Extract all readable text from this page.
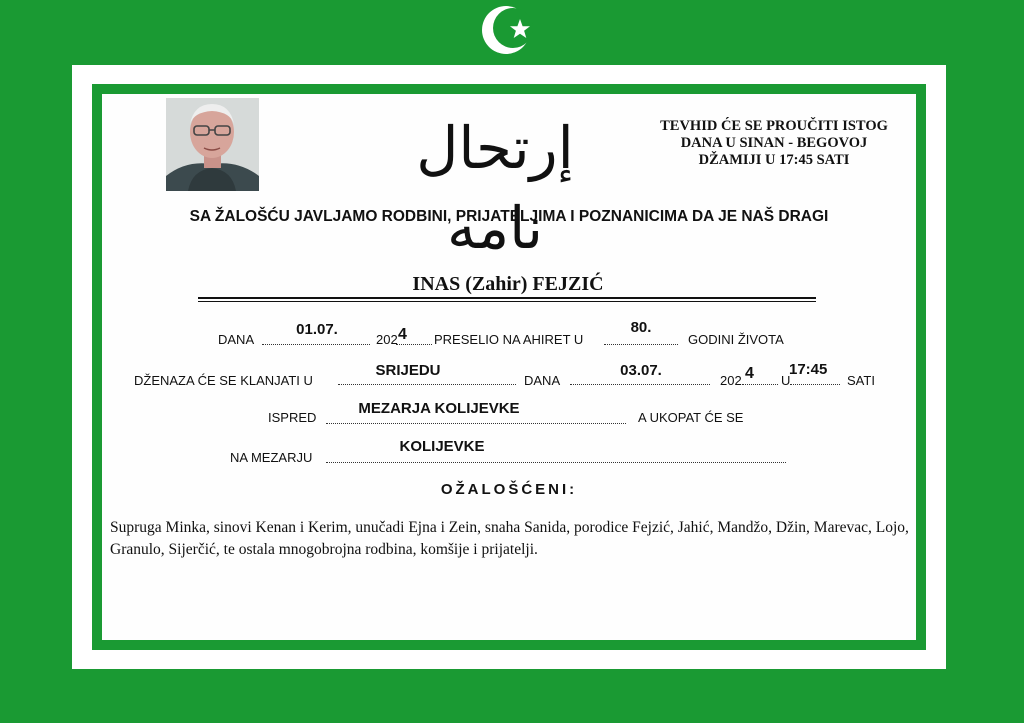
إرتحال نامه
TEVHID ĆE SE PROUČITI ISTOG
DANA U SINAN - BEGOVOJ
DŽAMIJI U 17:45 SATI
SA ŽALOŠĆU JAVLJAMO RODBINI, PRIJATELJIMA I POZNANICIMA DA JE NAŠ DRAGI
INAS (Zahir) FEJZIĆ
DANA
01.07.
202 4 PRESELIO NA AHIRET U
80.
GODINI ŽIVOTA
DŽENAZA ĆE SE KLANJATI U
SRIJEDU
DANA
03.07.
202 4 U
17:45
SATI
ISPRED
MEZARJA KOLIJEVKE
A UKOPAT ĆE SE
NA MEZARJU
KOLIJEVKE
OŽALOŠĆENI:
Supruga Minka, sinovi Kenan i Kerim, unučadi Ejna i Zein, snaha Sanida, porodice Fejzić, Jahić, Mandžo, Džin, Marevac, Lojo, Granulo, Sijerčić, te ostala mnogobrojna rodbina, komšije i prijatelji.
